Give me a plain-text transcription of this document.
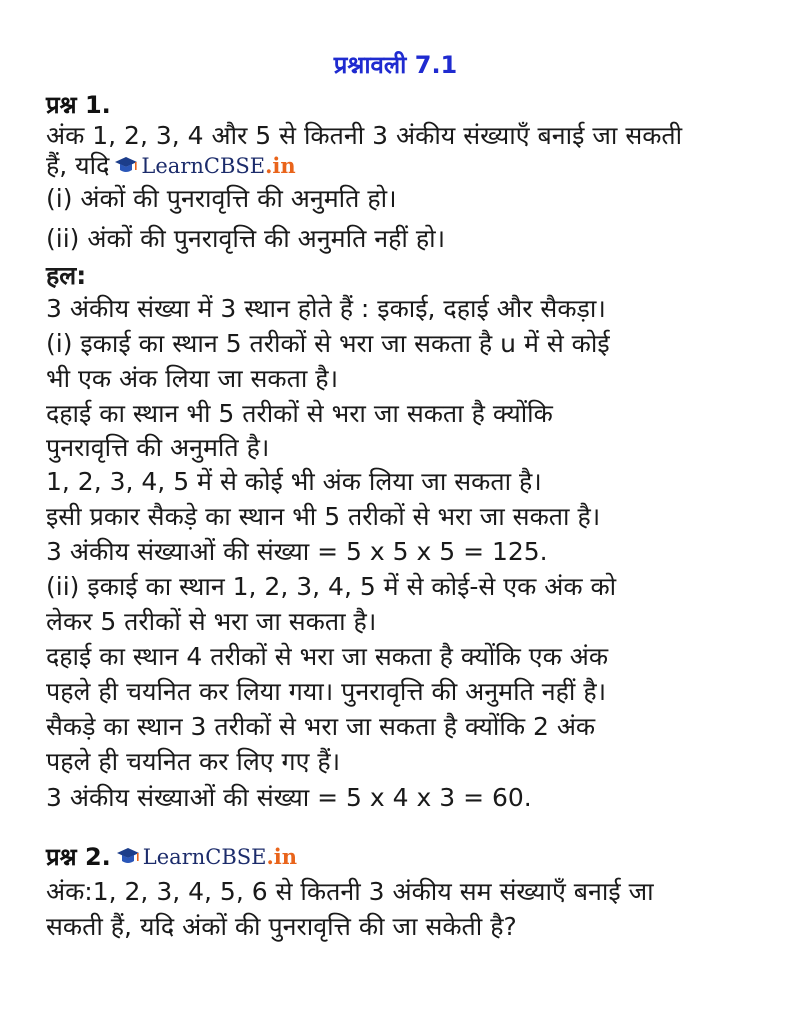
प्रश्नावली 7.1
प्रश्न 1.
अंक 1, 2, 3, 4 और 5 से कितनी 3 अंकीय संख्याएँ बनाई जा सकती
हैं, यदि LearnCBSE .in
(i) अंकों की पुनरावृत्ति की अनुमति हो।
(ii) अंकों की पुनरावृत्ति की अनुमति नहीं हो।
हल:
3 अंकीय संख्या में 3 स्थान होते हैं : इकाई, दहाई और सैकड़ा।
(i) इकाई का स्थान 5 तरीकों से भरा जा सकता है u में से कोई
भी एक अंक लिया जा सकता है।
दहाई का स्थान भी 5 तरीकों से भरा जा सकता है क्योंकि
पुनरावृत्ति की अनुमति है।
1, 2, 3, 4, 5 में से कोई भी अंक लिया जा सकता है।
इसी प्रकार सैकड़े का स्थान भी 5 तरीकों से भरा जा सकता है।
3 अंकीय संख्याओं की संख्या = 5 x 5 x 5 = 125.
(ii) इकाई का स्थान 1, 2, 3, 4, 5 में से कोई-से एक अंक को
लेकर 5 तरीकों से भरा जा सकता है।
दहाई का स्थान 4 तरीकों से भरा जा सकता है क्योंकि एक अंक
पहले ही चयनित कर लिया गया। पुनरावृत्ति की अनुमति नहीं है।
सैकड़े का स्थान 3 तरीकों से भरा जा सकता है क्योंकि 2 अंक
पहले ही चयनित कर लिए गए हैं।
3 अंकीय संख्याओं की संख्या = 5 x 4 x 3 = 60.
प्रश्न 2. LearnCBSE .in
अंक:1, 2, 3, 4, 5, 6 से कितनी 3 अंकीय सम संख्याएँ बनाई जा
सकती हैं, यदि अंकों की पुनरावृत्ति की जा सकेती है?
